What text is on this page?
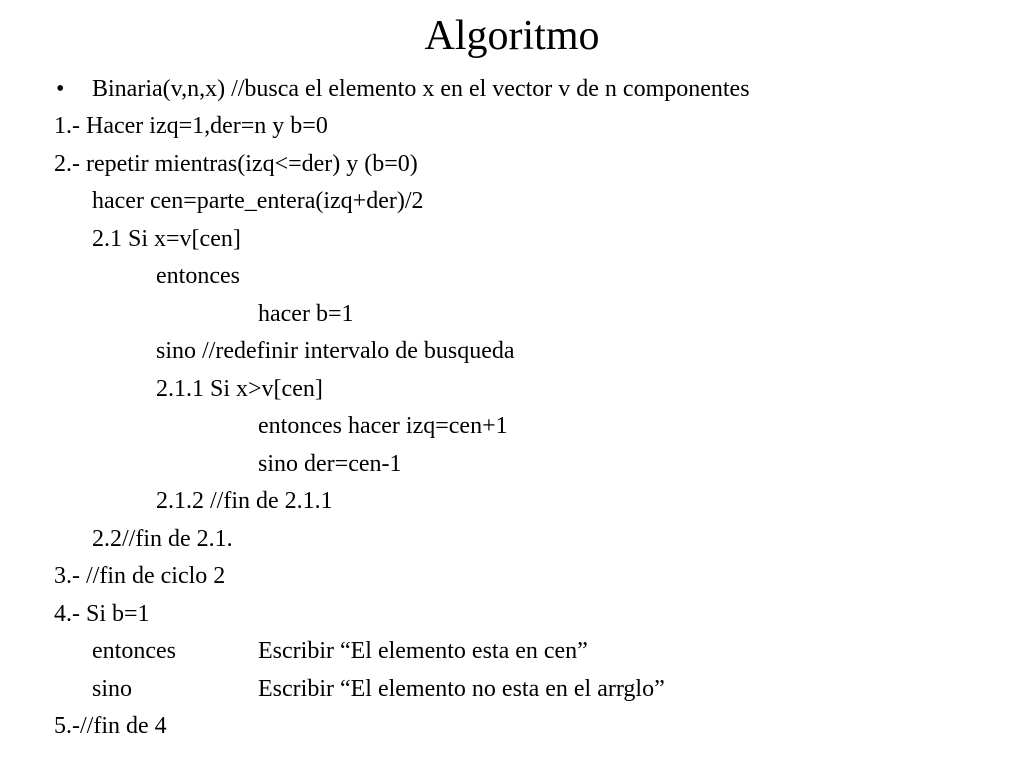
Algoritmo
• Binaria(v,n,x) //busca el elemento x en el vector v de n componentes
1.- Hacer izq=1,der=n y b=0
2.- repetir mientras(izq<=der) y (b=0)
hacer cen=parte_entera(izq+der)/2
2.1 Si x=v[cen]
entonces
hacer b=1
sino //redefinir intervalo de busqueda
2.1.1 Si x>v[cen]
entonces hacer izq=cen+1
sino der=cen-1
2.1.2 //fin de 2.1.1
2.2//fin de 2.1.
3.- //fin de ciclo 2
4.- Si b=1
entonces	Escribir “El elemento esta en cen”
sino	Escribir “El elemento no esta en el arrglo”
5.-//fin de 4
